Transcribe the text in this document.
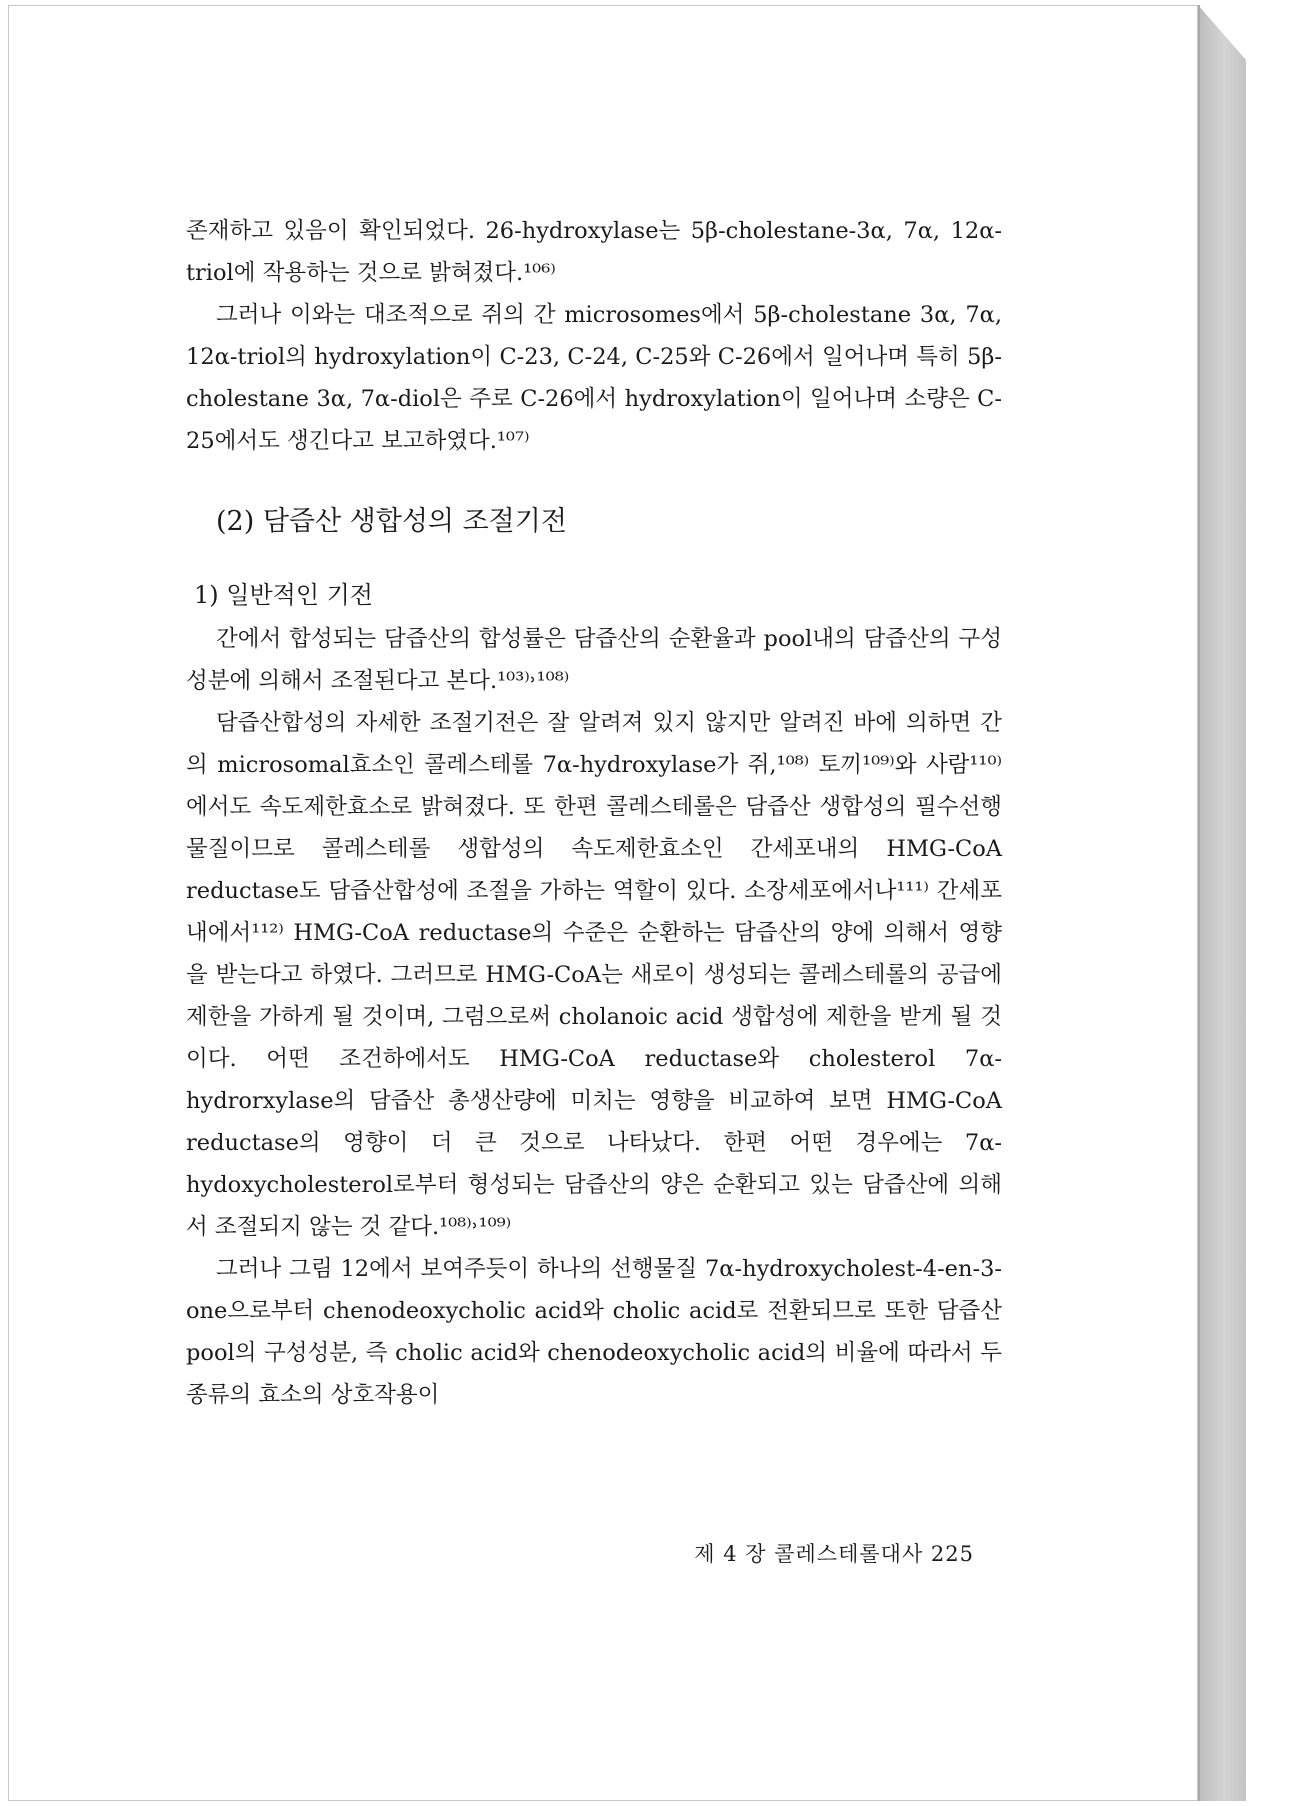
존재하고 있음이 확인되었다. 26-hydroxylase는 5β-cholestane-3α, 7α, 12α-triol에 작용하는 것으로 밝혀졌다.¹⁰⁶⁾

그러나 이와는 대조적으로 쥐의 간 microsomes에서 5β-cholestane 3α, 7α, 12α-triol의 hydroxylation이 C-23, C-24, C-25와 C-26에서 일어나며 특히 5β-cholestane 3α, 7α-diol은 주로 C-26에서 hydroxylation이 일어나며 소량은 C-25에서도 생긴다고 보고하였다.¹⁰⁷⁾

(2) 담즙산 생합성의 조절기전
1) 일반적인 기전

간에서 합성되는 담즙산의 합성률은 담즙산의 순환율과 pool내의 담즙산의 구성성분에 의해서 조절된다고 본다.¹⁰³⁾˒¹⁰⁸⁾

담즙산합성의 자세한 조절기전은 잘 알려져 있지 않지만 알려진 바에 의하면 간의 microsomal효소인 콜레스테롤 7α-hydroxylase가 쥐,¹⁰⁸⁾ 토끼¹⁰⁹⁾와 사람¹¹⁰⁾에서도 속도제한효소로 밝혀졌다. 또 한편 콜레스테롤은 담즙산 생합성의 필수선행물질이므로 콜레스테롤 생합성의 속도제한효소인 간세포내의 HMG-CoA reductase도 담즙산합성에 조절을 가하는 역할이 있다. 소장세포에서나¹¹¹⁾ 간세포내에서¹¹²⁾ HMG-CoA reductase의 수준은 순환하는 담즙산의 양에 의해서 영향을 받는다고 하였다. 그러므로 HMG-CoA는 새로이 생성되는 콜레스테롤의 공급에 제한을 가하게 될 것이며, 그럼으로써 cholanoic acid 생합성에 제한을 받게 될 것이다. 어떤 조건하에서도 HMG-CoA reductase와 cholesterol 7α-hydrorxylase의 담즙산 총생산량에 미치는 영향을 비교하여 보면 HMG-CoA reductase의 영향이 더 큰 것으로 나타났다. 한편 어떤 경우에는 7α-hydoxycholesterol로부터 형성되는 담즙산의 양은 순환되고 있는 담즙산에 의해서 조절되지 않는 것 같다.¹⁰⁸⁾˒¹⁰⁹⁾

그러나 그림 12에서 보여주듯이 하나의 선행물질 7α-hydroxycholest-4-en-3-one으로부터 chenodeoxycholic acid와 cholic acid로 전환되므로 또한 담즙산 pool의 구성성분, 즉 cholic acid와 chenodeoxycholic acid의 비율에 따라서 두 종류의 효소의 상호작용이

제 4 장 콜레스테롤대사 225
